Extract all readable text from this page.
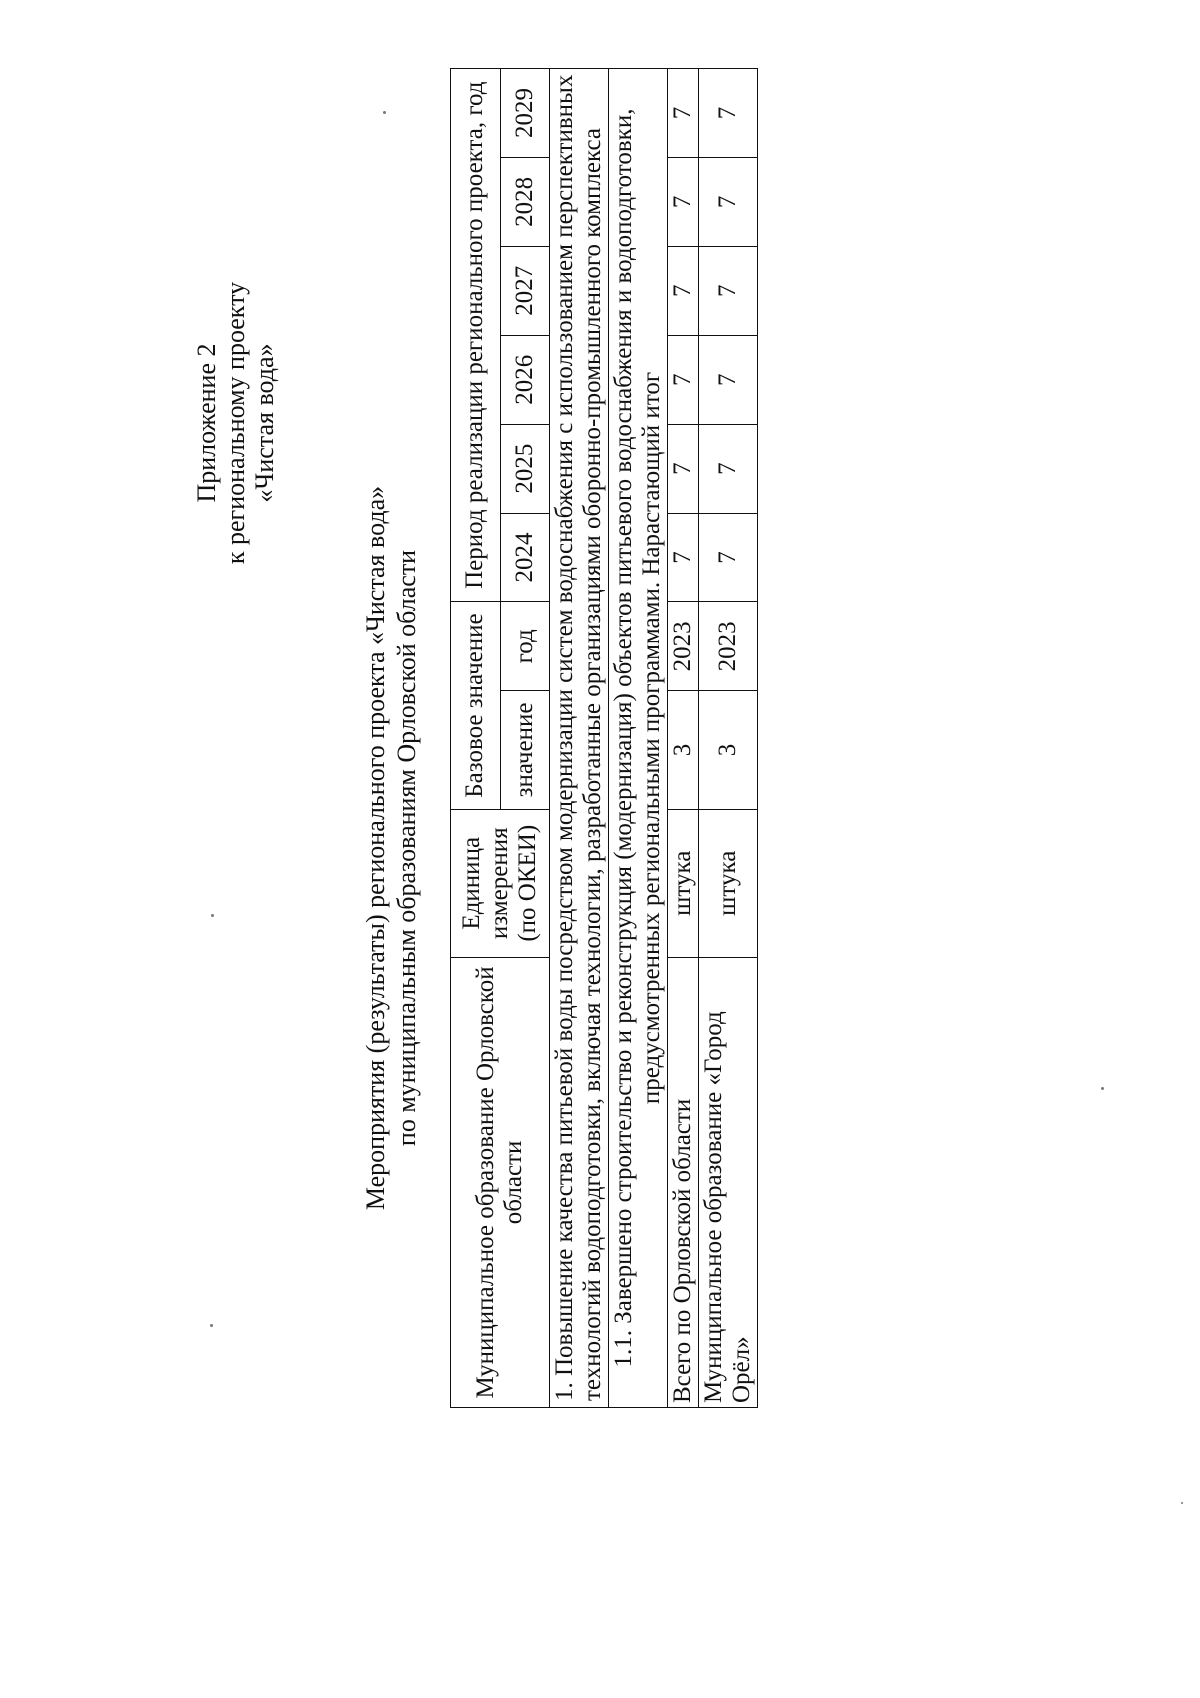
Приложение 2 к региональному проекту «Чистая вода»
Мероприятия (результаты) регионального проекта «Чистая вода» по муниципальным образованиям Орловской области
Муниципальное образование Орловской области	Единица измерения (по ОКЕИ)	Базовое значение		Период реализации регионального проекта, год					
		значение	год	2024	2025	2026	2027	2028	2029
1. Повышение качества питьевой воды посредством модернизации систем водоснабжения с использованием перспективных технологий водоподготовки, включая технологии, разработанные организациями оборонно-промышленного комплекса									
1.1. Завершено строительство и реконструкция (модернизация) объектов питьевого водоснабжения и водоподготовки, предусмотренных региональными программами. Нарастающий итог									
Всего по Орловской области	штука	3	2023	7	7	7	7	7	7
Муниципальное образование «Город Орёл»	штука	3	2023	7	7	7	7	7	7
